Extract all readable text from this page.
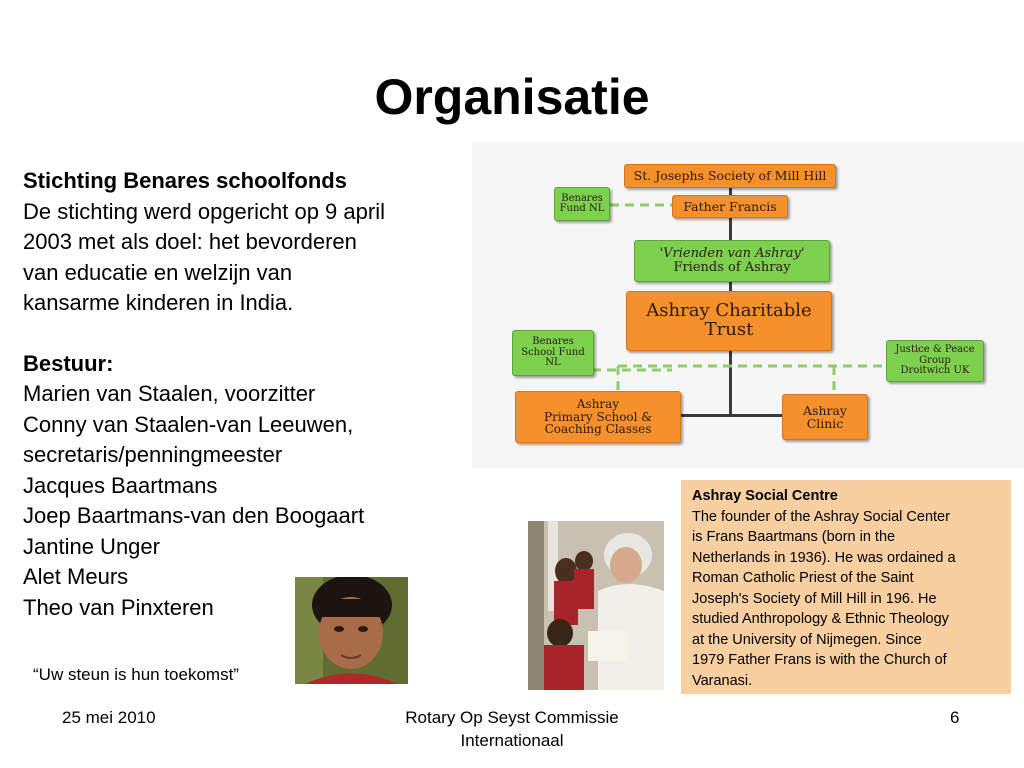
Organisatie
Stichting Benares schoolfonds
De stichting werd opgericht op 9 april
2003 met als doel: het bevorderen
van educatie en welzijn van
kansarme kinderen in India.
Bestuur:
Marien van Staalen, voorzitter
Conny van Staalen-van Leeuwen,
secretaris/penningmeester
Jacques Baartmans
Joep Baartmans-van den Boogaart
Jantine Unger
Alet Meurs
Theo van Pinxteren
St. Josephs Society of Mill Hill
Benares
Fund NL	Father Francis
'Vrienden van Ashray'
Friends of Ashray
Ashray Charitable
Trust
Benares
School Fund
NL
Justice & Peace
Group
Droitwich UK
Ashray
Primary School &
Coaching Classes
Ashray
Clinic
Ashray Social Centre
The founder of the Ashray Social Center
is Frans Baartmans (born in the
Netherlands in 1936). He was ordained a
Roman Catholic Priest of the Saint
Joseph's Society of Mill Hill in 196. He
studied Anthropology & Ethnic Theology
at the University of Nijmegen. Since
1979 Father Frans is with the Church of
Varanasi.
“Uw steun is hun toekomst”
25 mei 2010	Rotary Op Seyst Commissie
Internationaal
6
